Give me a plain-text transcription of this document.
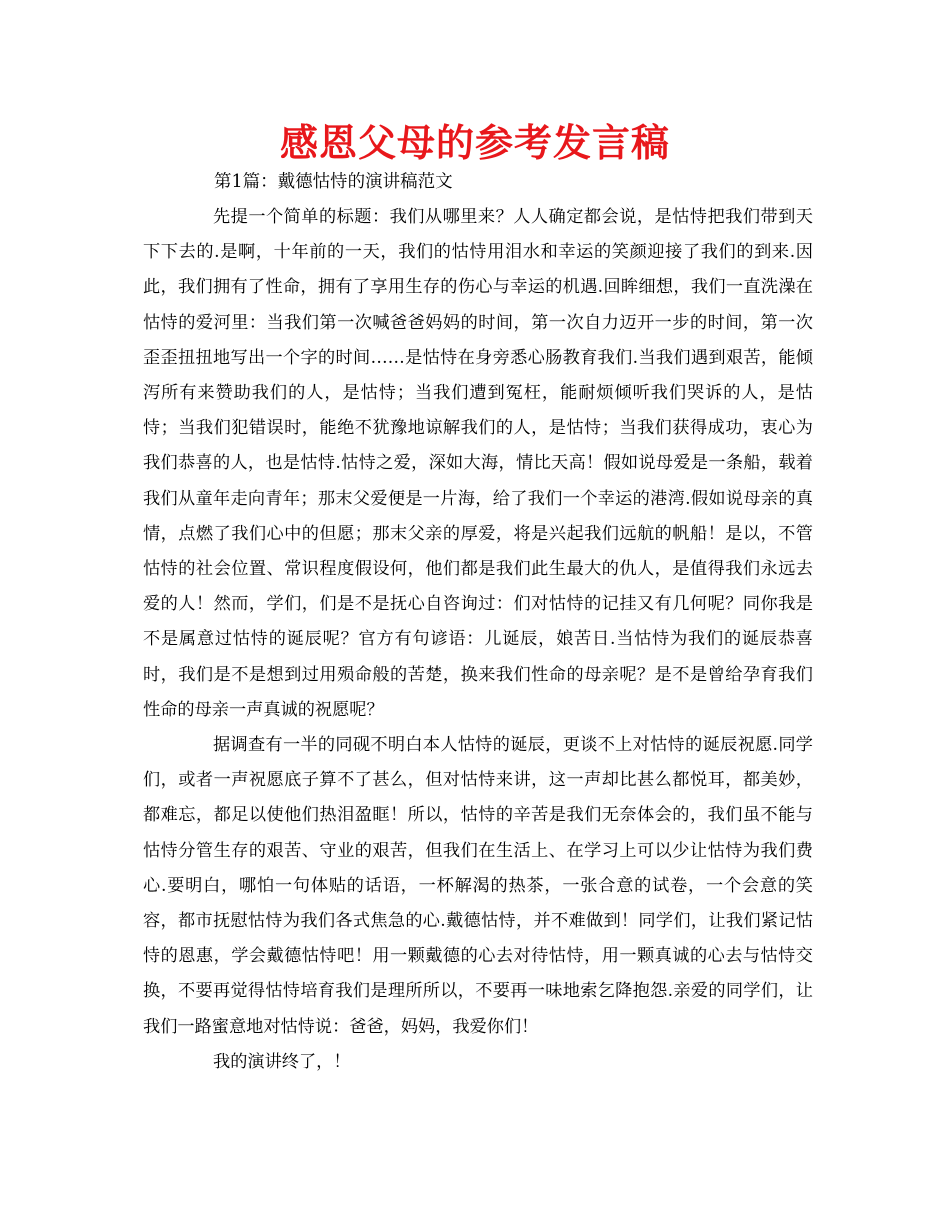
感恩父母的参考发言稿
第1篇：戴德怙恃的演讲稿范文

先提一个简单的标题：我们从哪里来？人人确定都会说，是怙恃把我们带到天下下去的.是啊，十年前的一天，我们的怙恃用泪水和幸运的笑颜迎接了我们的到来.因此，我们拥有了性命，拥有了享用生存的伤心与幸运的机遇.回眸细想，我们一直洗澡在怙恃的爱河里：当我们第一次喊爸爸妈妈的时间，第一次自力迈开一步的时间，第一次歪歪扭扭地写出一个字的时间……是怙恃在身旁悉心肠教育我们.当我们遇到艰苦，能倾泻所有来赞助我们的人，是怙恃；当我们遭到冤枉，能耐烦倾听我们哭诉的人，是怙恃；当我们犯错误时，能绝不犹豫地谅解我们的人，是怙恃；当我们获得成功，衷心为我们恭喜的人，也是怙恃.怙恃之爱，深如大海，情比天高！假如说母爱是一条船，载着我们从童年走向青年；那末父爱便是一片海，给了我们一个幸运的港湾.假如说母亲的真情，点燃了我们心中的但愿；那末父亲的厚爱，将是兴起我们远航的帆船！是以，不管怙恃的社会位置、常识程度假设何，他们都是我们此生最大的仇人，是值得我们永远去爱的人！然而，学们，们是不是抚心自咨询过：们对怙恃的记挂又有几何呢？同你我是不是属意过怙恃的诞辰呢？官方有句谚语：儿诞辰，娘苦日.当怙恃为我们的诞辰恭喜时，我们是不是想到过用殒命般的苦楚，换来我们性命的母亲呢？是不是曾给孕育我们性命的母亲一声真诚的祝愿呢？

据调查有一半的同砚不明白本人怙恃的诞辰，更谈不上对怙恃的诞辰祝愿.同学们，或者一声祝愿底子算不了甚么，但对怙恃来讲，这一声却比甚么都悦耳，都美妙，都难忘，都足以使他们热泪盈眶！所以，怙恃的辛苦是我们无奈体会的，我们虽不能与怙恃分管生存的艰苦、守业的艰苦，但我们在生活上、在学习上可以少让怙恃为我们费心.要明白，哪怕一句体贴的话语，一杯解渴的热茶，一张合意的试卷，一个会意的笑容，都市抚慰怙恃为我们各式焦急的心.戴德怙恃，并不难做到！同学们，让我们紧记怙恃的恩惠，学会戴德怙恃吧！用一颗戴德的心去对待怙恃，用一颗真诚的心去与怙恃交换，不要再觉得怙恃培育我们是理所所以，不要再一味地索乞降抱怨.亲爱的同学们，让我们一路蜜意地对怙恃说：爸爸，妈妈，我爱你们！

我的演讲终了，！
